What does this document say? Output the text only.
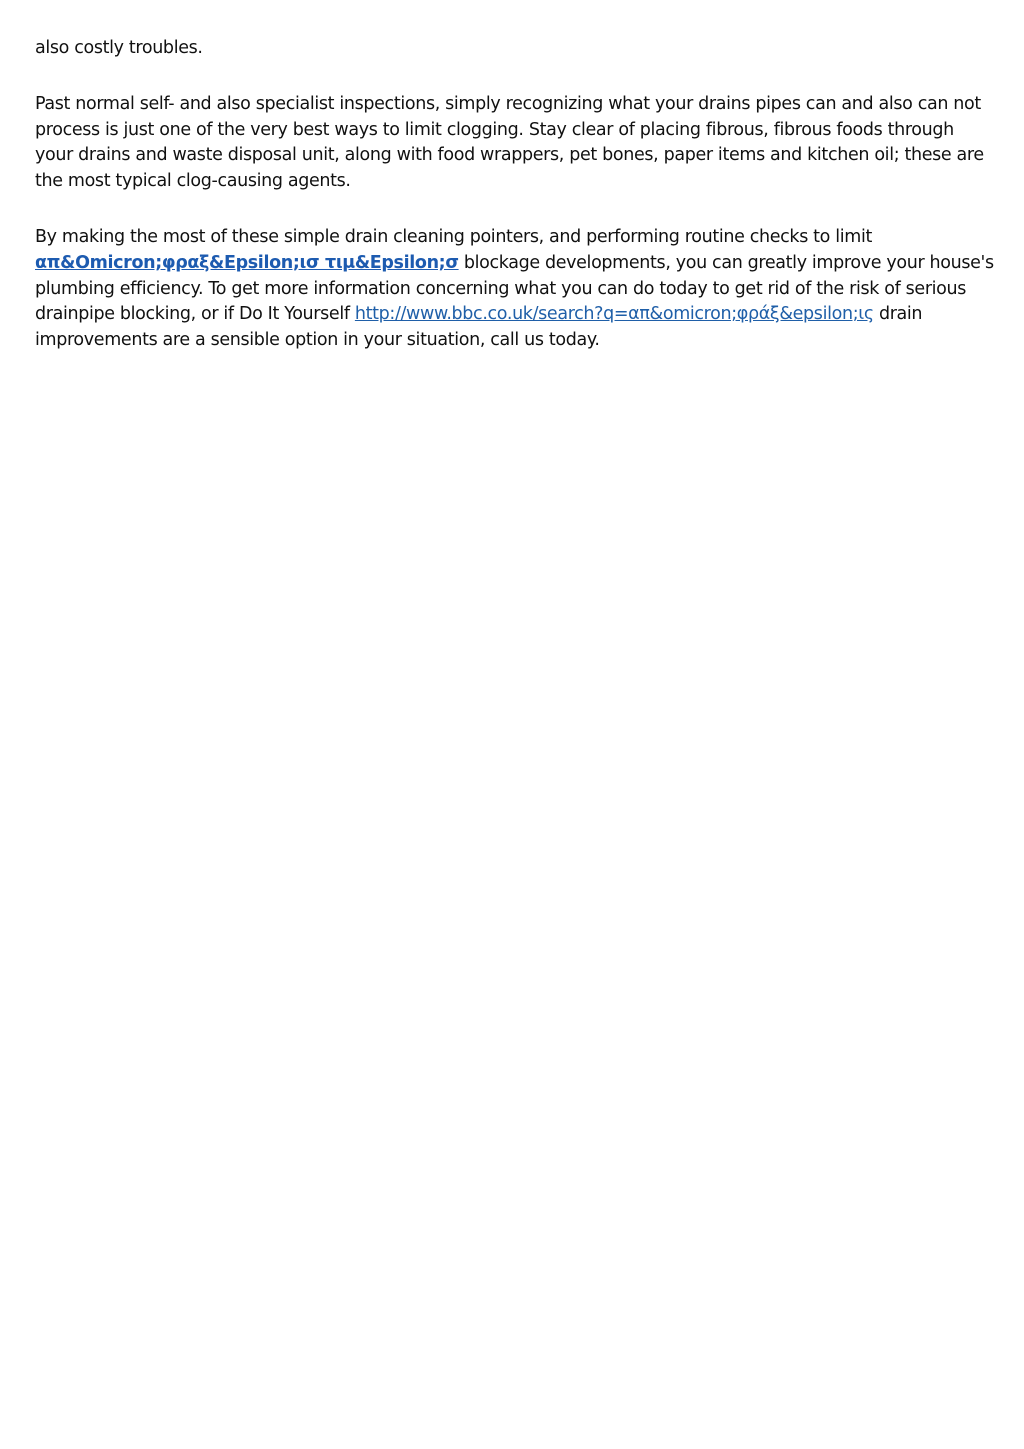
also costly troubles.

Past normal self- and also specialist inspections, simply recognizing what your drains pipes can and also can not process is just one of the very best ways to limit clogging. Stay clear of placing fibrous, fibrous foods through your drains and waste disposal unit, along with food wrappers, pet bones, paper items and kitchen oil; these are the most typical clog-causing agents.

By making the most of these simple drain cleaning pointers, and performing routine checks to limit απ&Omicron;φραξ&Epsilon;ισ τιμ&Epsilon;σ blockage developments, you can greatly improve your house's plumbing efficiency. To get more information concerning what you can do today to get rid of the risk of serious drainpipe blocking, or if Do It Yourself http://www.bbc.co.uk/search?q=απ&omicron;φράξ&epsilon;ις drain improvements are a sensible option in your situation, call us today.
